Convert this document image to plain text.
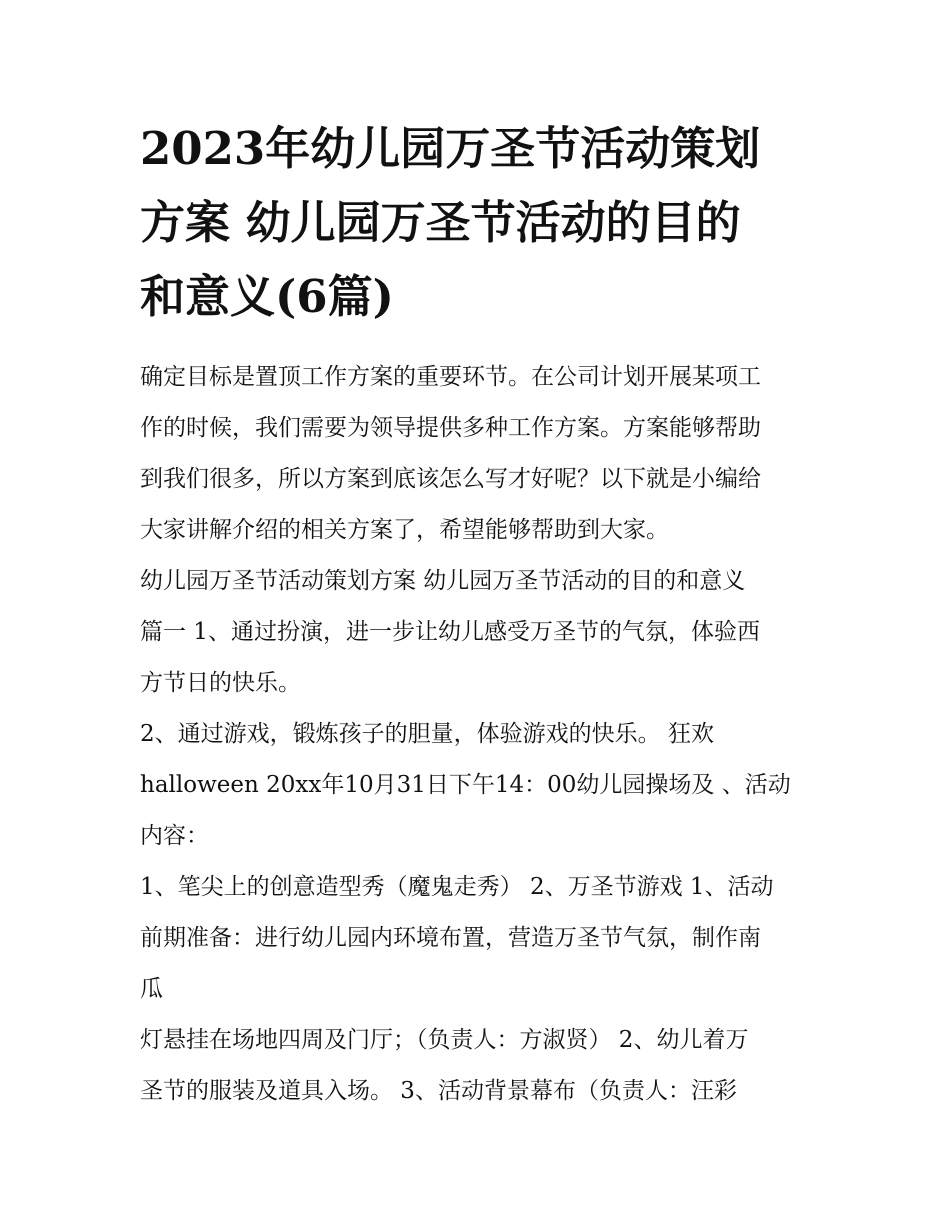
2023年幼儿园万圣节活动策划
方案 幼儿园万圣节活动的目的
和意义(6篇)

确定目标是置顶工作方案的重要环节。在公司计划开展某项工

作的时候，我们需要为领导提供多种工作方案。方案能够帮助

到我们很多，所以方案到底该怎么写才好呢？以下就是小编给

大家讲解介绍的相关方案了，希望能够帮助到大家。

幼儿园万圣节活动策划方案 幼儿园万圣节活动的目的和意义

篇一 1、通过扮演，进一步让幼儿感受万圣节的气氛，体验西

方节日的快乐。

2、通过游戏，锻炼孩子的胆量，体验游戏的快乐。 狂欢

halloween 20xx年10月31日下午14：00幼儿园操场及 、活动

内容：

1、笔尖上的创意造型秀（魔鬼走秀） 2、万圣节游戏 1、活动

前期准备：进行幼儿园内环境布置，营造万圣节气氛，制作南

瓜

灯悬挂在场地四周及门厅；（负责人：方淑贤） 2、幼儿着万

圣节的服装及道具入场。 3、活动背景幕布（负责人：汪彩
